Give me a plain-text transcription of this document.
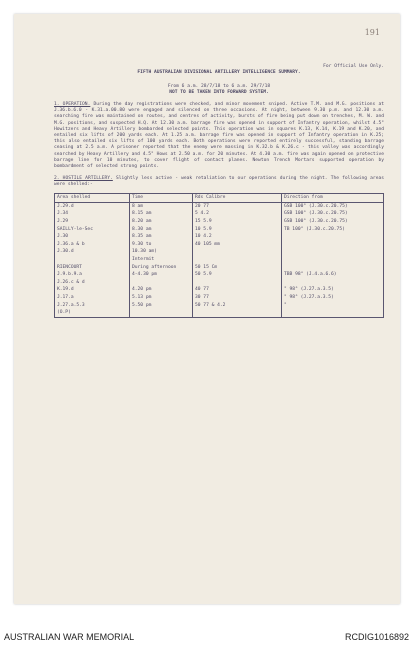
191
For Official Use Only.
FIFTH AUSTRALIAN DIVISIONAL ARTILLERY INTELLIGENCE SUMMARY.
From 6 a.m. 28/7/18 to 6 a.m. 29/7/18
NOT TO BE TAKEN INTO FORWARD SYSTEM.
1. OPERATION. During the day registrations were checked, and minor movement sniped. Active T.M. and M.G. positions at J.36.b.6.0 - K.31.a.00.80 were engaged and silenced on three occasions. At night, between 9.30 p.m. and 12.30 a.m. searching fire was maintained on routes, and centres of activity, bursts of fire being put down on trenches, M. W. and M.G. positions, and suspected H.Q. At 12.30 a.m. barrage fire was opened in support of Infantry operation, whilst 4.5" Howitzers and Heavy Artillery bombarded selected points. This operation was in squares K.13, K.14, K.19 and K.20, and entailed six lifts of 200 yards each. At 1.25 a.m. barrage fire was opened in support of Infantry operation in K.25; this also entailed six lifts of 100 yards each. Both operations were reported entirely successful, standing barrage ceasing at 2.5 a.m. A prisoner reported that the enemy were massing in K.32.b & K.26.c - this valley was accordingly searched by Heavy Artillery and 4.5" Hows at 2.50 a.m. for 20 minutes. At 4.30 a.m. fire was again opened on protective barrage line for 10 minutes, to cover flight of contact planes. Newton Trench Mortars supported operation by bombardment of selected strong points.
2. HOSTILE ARTILLERY. Slightly less active - weak retaliation to our operations during the night. The following areas were shelled:-
Area shelled	Time	Rds Calibre	Direction from
J.29.d	8 am	20 77	GSB 100° (J.30.c.20.75)
J.34	8.15 am	5 4.2	GSB 100° (J.30.c.20.75)
J.29	8.20 am	15 5.9	GSB 100° (J.30.c.20.75)
SAILLY-le-Sec	8.30 am	10 5.9	TB 100° (J.30.c.20.75)
J.30	8.35 am	10 4.2	
J.36.a & b	9.30 to	40 105 mm	
J.30.d	10.30 am)		
	Intermit		
RIENCOURT	During afternoon	50 15 Cm	
J.9.b.9.a	4-4.30 pm	50 5.9	TBB 98° (J.4.a.6.6)
J.26.c & d			
K.19.d	4.20 pm	40 77	" 98° (J.27.a.3.5)
J.17.a	5.13 pm	30 77	" 98° (J.27.a.3.5)
J.27.a.5.3	5.50 pm	50 77 & 4.2	"
(O.P)			
AUSTRALIAN WAR MEMORIAL	RCDIG1016892
